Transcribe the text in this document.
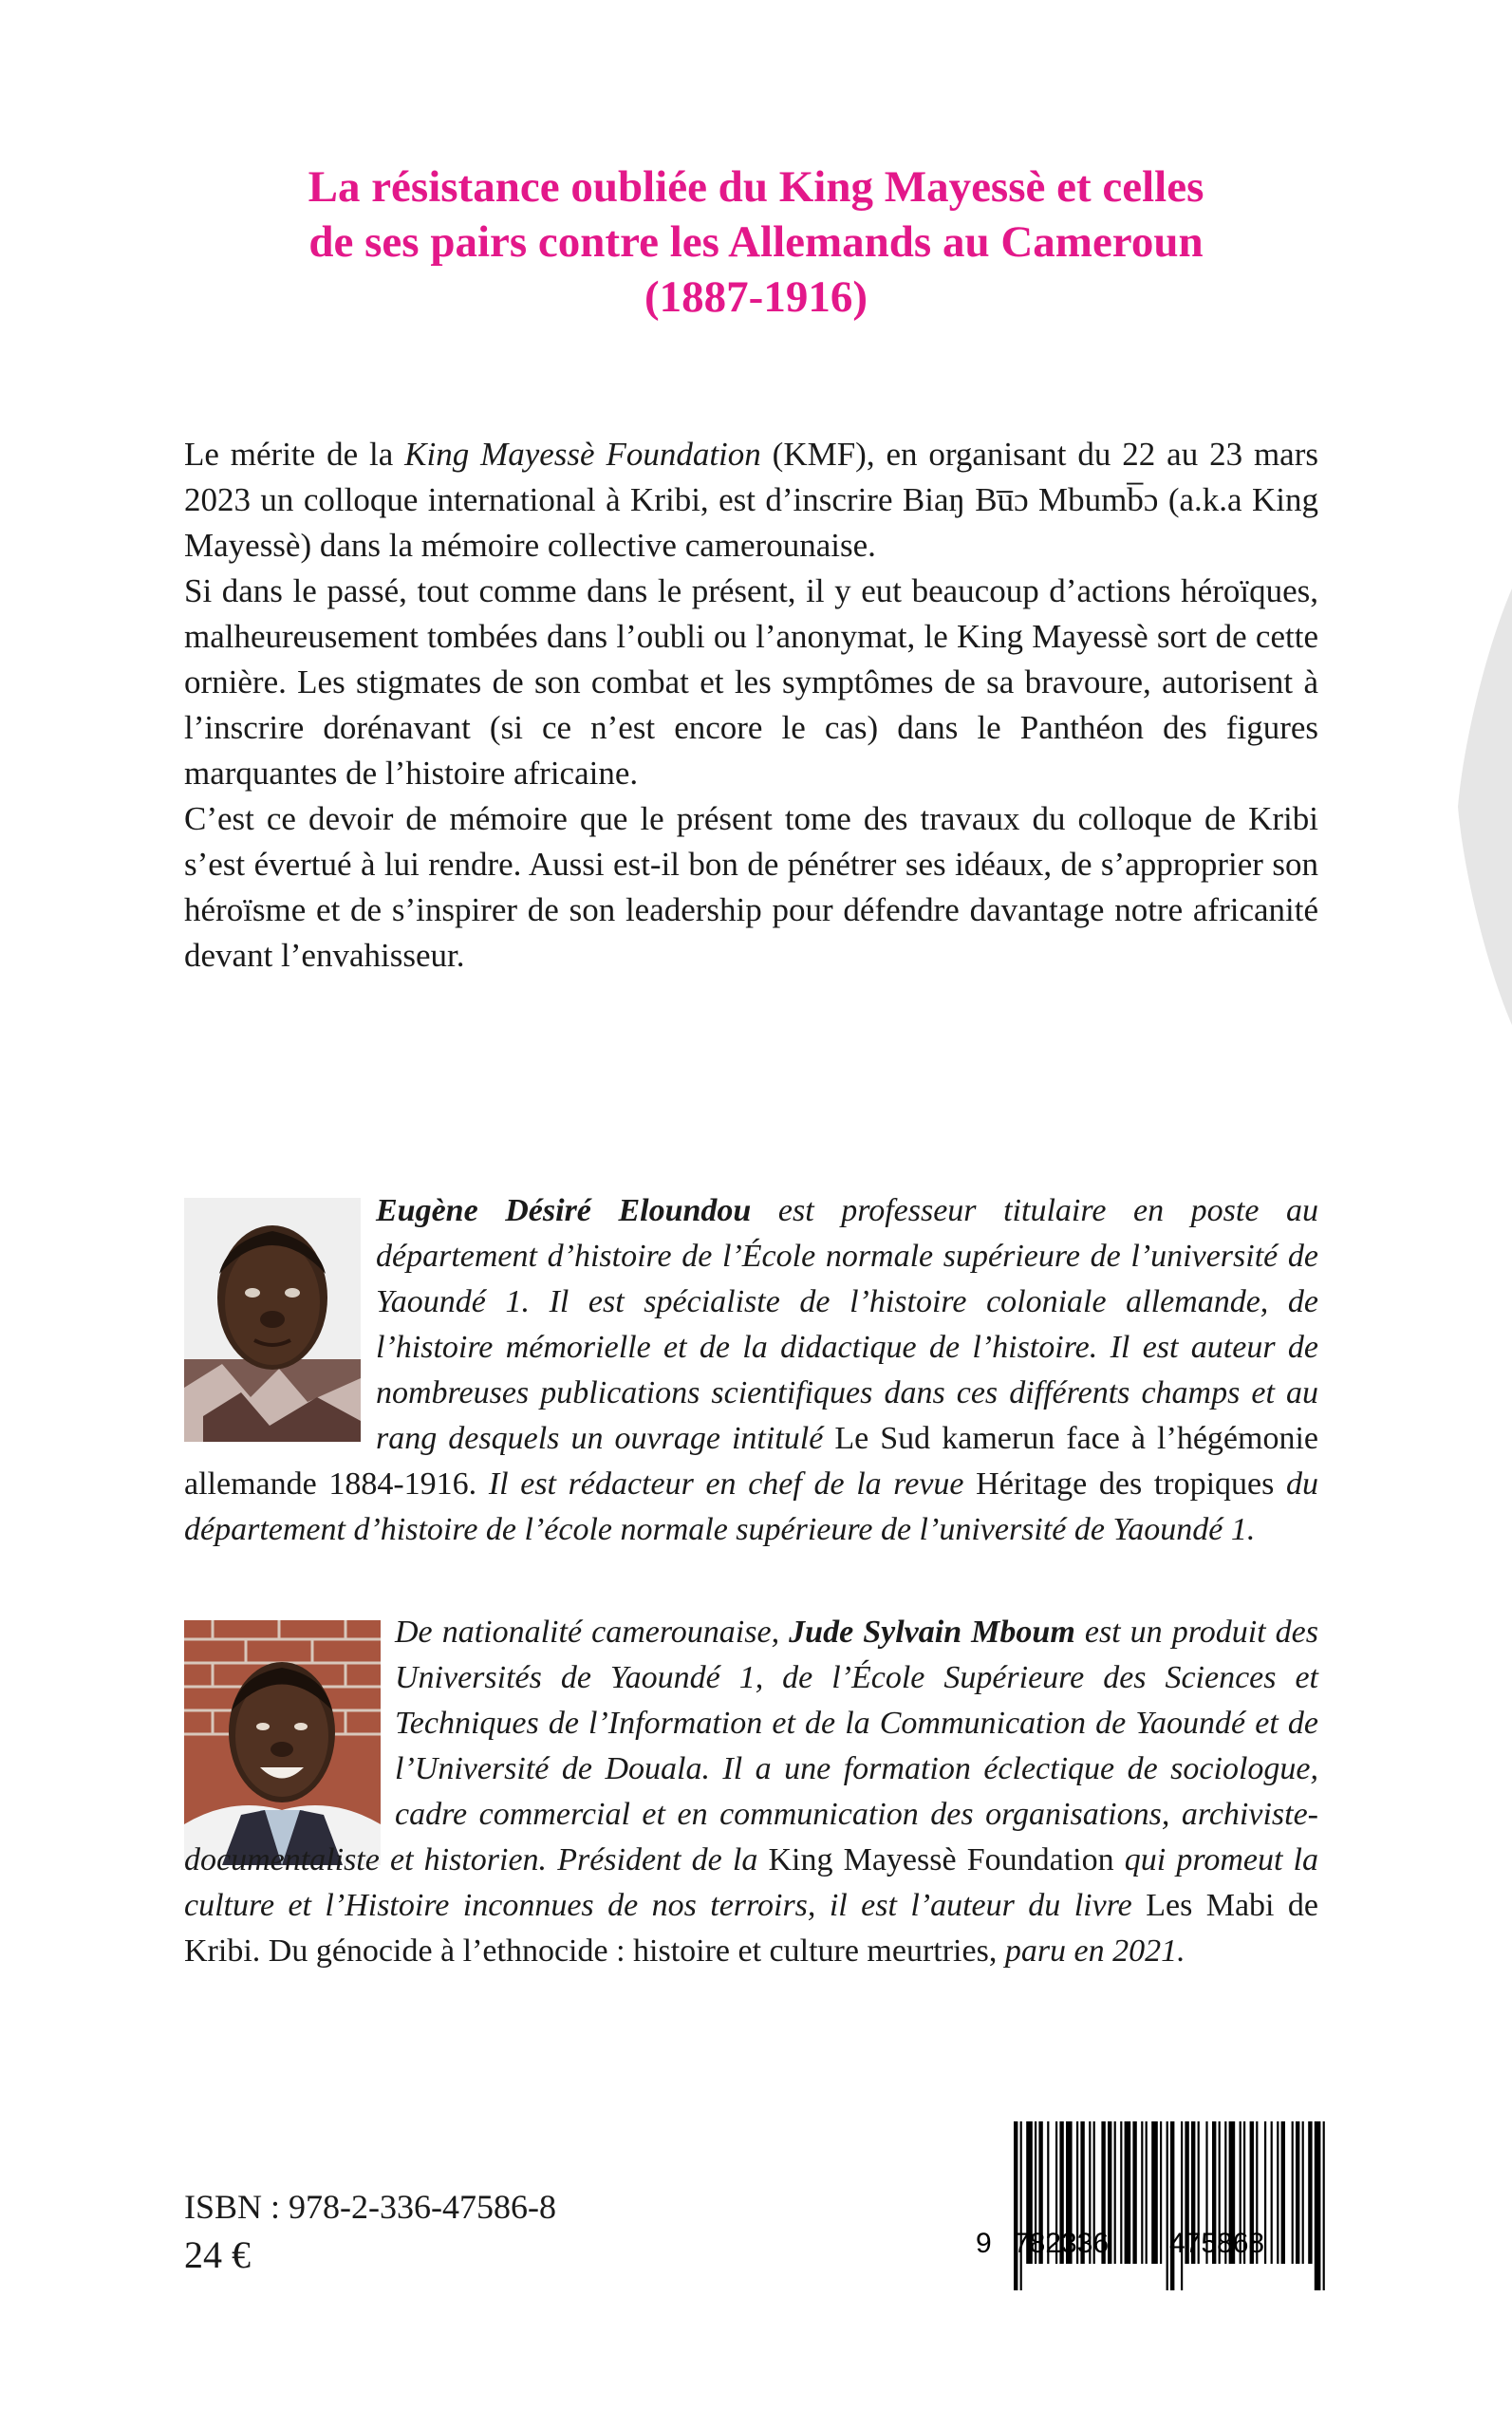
La résistance oubliée du King Mayessè et celles
de ses pairs contre les Allemands au Cameroun
(1887-1916)

Le mérite de la King Mayessè Foundation (KMF), en organisant du 22 au 23 mars 2023 un colloque international à Kribi, est d’inscrire Biaŋ Bu̅ɔ Mbumb̅ɔ (a.k.a King Mayessè) dans la mémoire collective camerounaise.

Si dans le passé, tout comme dans le présent, il y eut beaucoup d’actions héroïques, malheureusement tombées dans l’oubli ou l’anonymat, le King Mayessè sort de cette ornière. Les stigmates de son combat et les symptômes de sa bravoure, autorisent à l’inscrire dorénavant (si ce n’est encore le cas) dans le Panthéon des figures marquantes de l’histoire africaine.

C’est ce devoir de mémoire que le présent tome des travaux du colloque de Kribi s’est évertué à lui rendre. Aussi est-il bon de pénétrer ses idéaux, de s’approprier son héroïsme et de s’inspirer de son leadership pour défendre davantage notre africanité devant l’envahisseur.

Eugène Désiré Eloundou est professeur titulaire en poste au département d’histoire de l’École normale supérieure de l’université de Yaoundé 1. Il est spécialiste de l’histoire coloniale allemande, de l’histoire mémorielle et de la didactique de l’histoire. Il est auteur de nombreuses publications scientifiques dans ces différents champs et au rang desquels un ouvrage intitulé Le Sud kamerun face à l’hégémonie allemande 1884-1916. Il est rédacteur en chef de la revue Héritage des tropiques du département d’histoire de l’école normale supérieure de l’université de Yaoundé 1.
De nationalité camerounaise, Jude Sylvain Mboum est un produit des Universités de Yaoundé 1, de l’École Supérieure des Sciences et Techniques de l’Information et de la Communication de Yaoundé et de l’Université de Douala. Il a une formation éclectique de sociologue, cadre commercial et en communication des organisations, archiviste-documentaliste et historien. Président de la King Mayessè Foundation qui promeut la culture et l’Histoire inconnues de nos terroirs, il est l’auteur du livre Les Mabi de Kribi. Du génocide à l’ethnocide : histoire et culture meurtries, paru en 2021.
ISBN : 978-2-336-47586-8
24 €	9 782336	475868
